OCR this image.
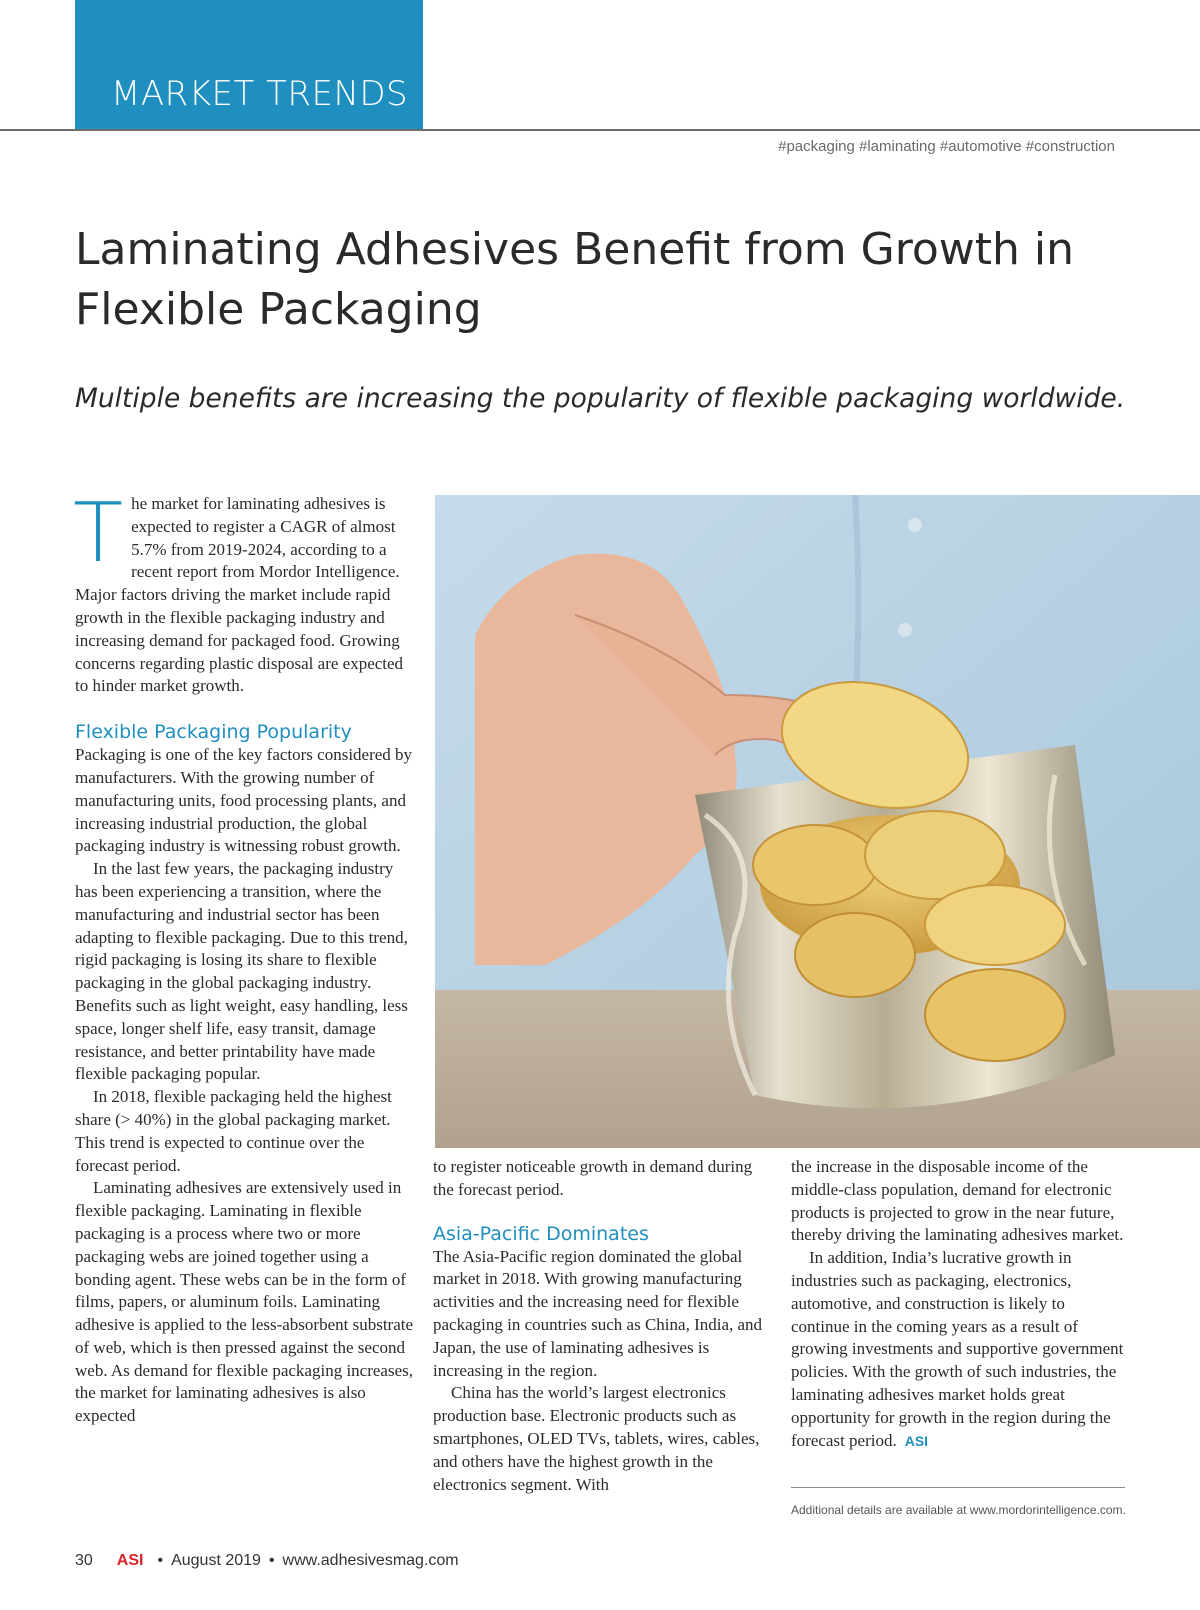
MARKET TRENDS
#packaging #laminating #automotive #construction
Laminating Adhesives Benefit from Growth in Flexible Packaging

Multiple benefits are increasing the popularity of flexible packaging worldwide.

T he market for laminating adhesives is expected to register a CAGR of almost 5.7% from 2019-2024, according to a recent report from Mordor Intelligence. Major factors driving the market include rapid growth in the flexible packaging industry and increasing demand for packaged food. Growing concerns regarding plastic disposal are expected to hinder market growth.

Flexible Packaging Popularity

Packaging is one of the key factors considered by manufacturers. With the growing number of manufacturing units, food processing plants, and increasing industrial production, the global packaging industry is witnessing robust growth.

In the last few years, the packaging industry has been experiencing a transition, where the manufacturing and industrial sector has been adapting to flexible packaging. Due to this trend, rigid packaging is losing its share to flexible packaging in the global packaging industry. Benefits such as light weight, easy handling, less space, longer shelf life, easy transit, damage resistance, and better printability have made flexible packaging popular.

In 2018, flexible packaging held the highest share (> 40%) in the global packaging market. This trend is expected to continue over the forecast period.

Laminating adhesives are extensively used in flexible packaging. Laminating in flexible packaging is a process where two or more packaging webs are joined together using a bonding agent. These webs can be in the form of films, papers, or aluminum foils. Laminating adhesive is applied to the less-absorbent substrate of web, which is then pressed against the second web. As demand for flexible packaging increases, the market for laminating adhesives is also expected

to register noticeable growth in demand during the forecast period.

Asia-Pacific Dominates

The Asia-Pacific region dominated the global market in 2018. With growing manufacturing activities and the increasing need for flexible packaging in countries such as China, India, and Japan, the use of laminating adhesives is increasing in the region.

China has the world’s largest electronics production base. Electronic products such as smartphones, OLED TVs, tablets, wires, cables, and others have the highest growth in the electronics segment. With

the increase in the disposable income of the middle-class population, demand for electronic products is projected to grow in the near future, thereby driving the laminating adhesives market.

In addition, India’s lucrative growth in industries such as packaging, electronics, automotive, and construction is likely to continue in the coming years as a result of growing investments and supportive government policies. With the growth of such industries, the laminating adhesives market holds great opportunity for growth in the region during the forecast period. ASI

Additional details are available at www.mordorintelligence.com.
30 ASI • August 2019 • www.adhesivesmag.com
